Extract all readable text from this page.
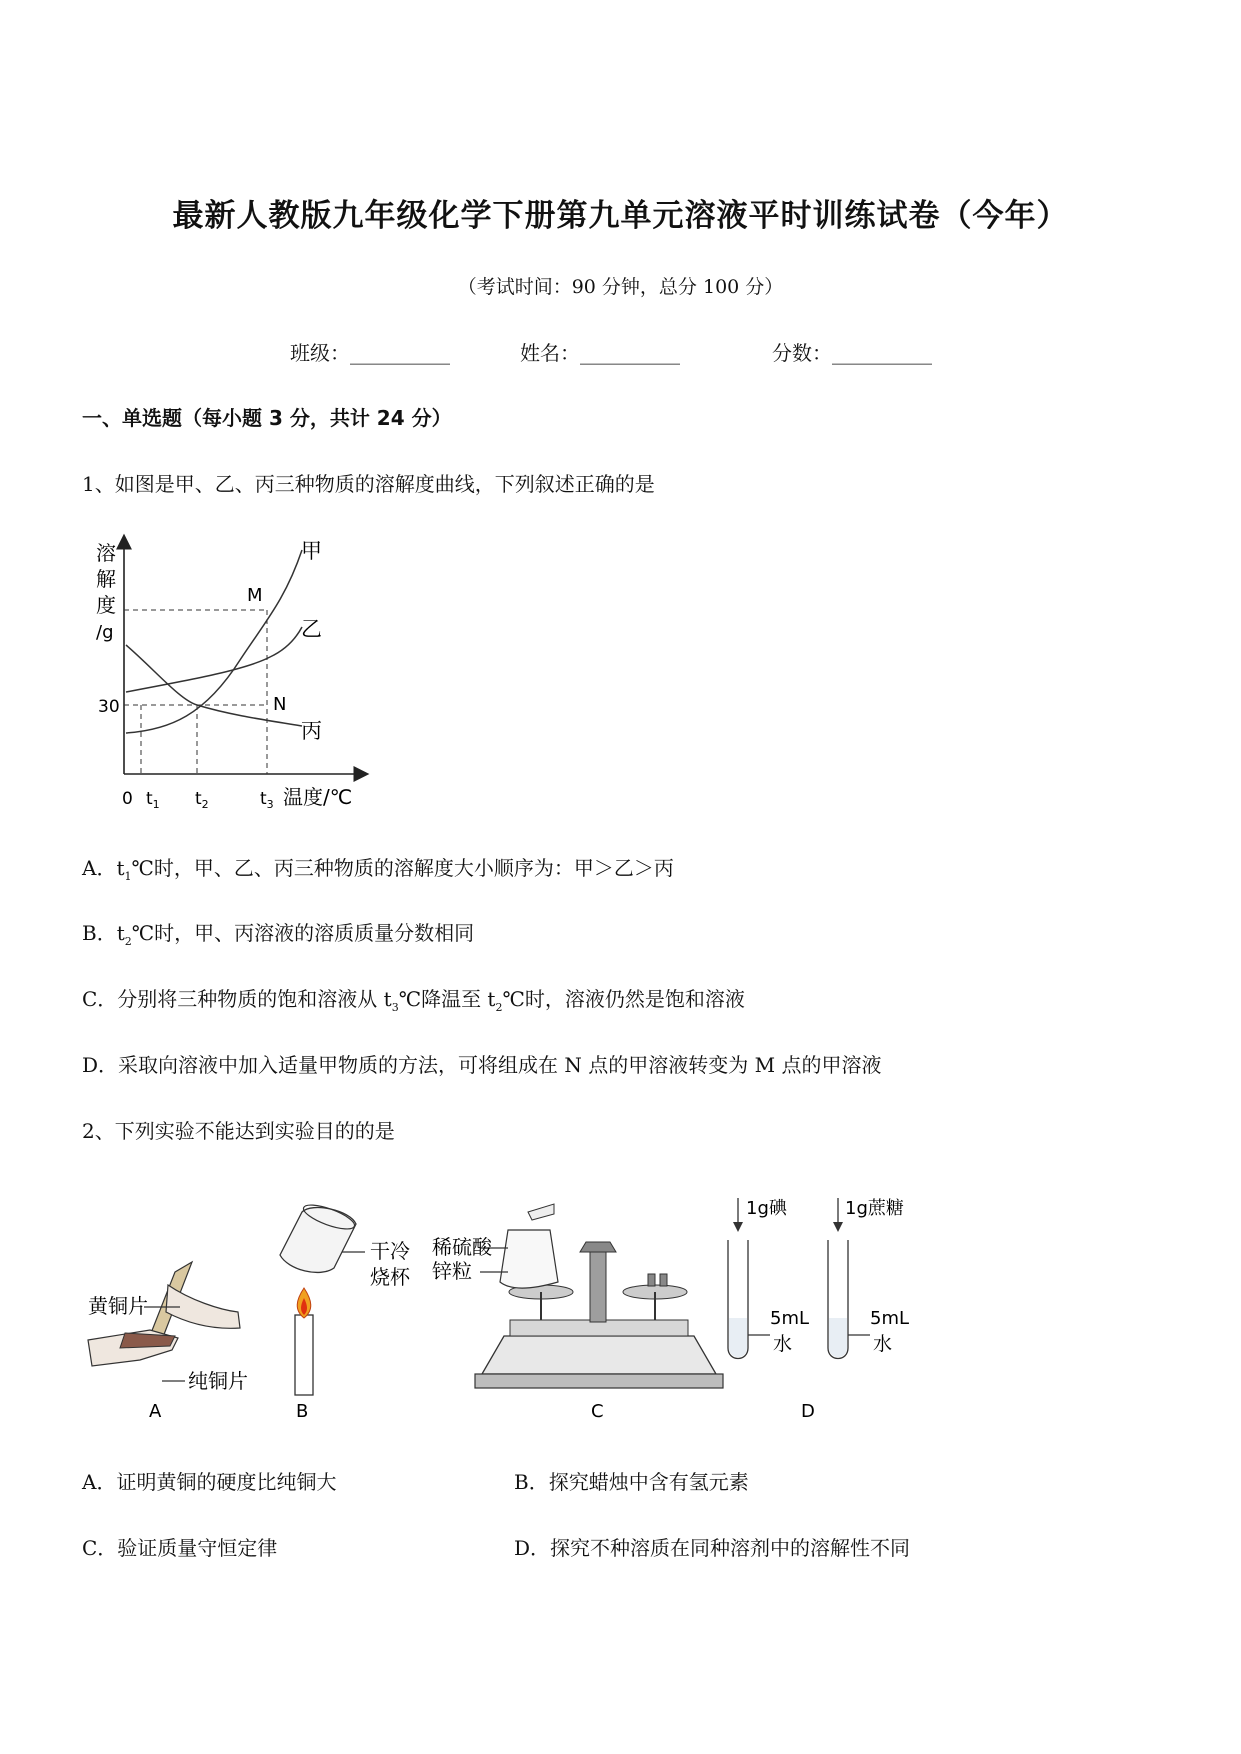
最新人教版九年级化学下册第九单元溶液平时训练试卷（今年）
（考试时间：90 分钟，总分 100 分）
班级：__________	姓名：__________	分数：__________
一、单选题（每小题 3 分，共计 24 分）
1、如图是甲、乙、丙三种物质的溶解度曲线，下列叙述正确的是
溶
解
度
/g
30
0 $t_1$ $t_2$	$t_3$ 温度/℃
M
N
甲
乙
丙
A．$t_1℃$时，甲、乙、丙三种物质的溶解度大小顺序为：甲＞乙＞丙
B．$t_2℃$时，甲、丙溶液的溶质质量分数相同
C．分别将三种物质的饱和溶液从 $t_3℃$降温至 $t_2℃$时，溶液仍然是饱和溶液
D．采取向溶液中加入适量甲物质的方法，可将组成在 N 点的甲溶液转变为 M 点的甲溶液
2、下列实验不能达到实验目的的是
黄铜片
纯铜片
A
干冷
烧杯
B
稀硫酸
锌粒
C
1g碘	1g蔗糖
5mL
水
5mL
水
D
A．证明黄铜的硬度比纯铜大	B．探究蜡烛中含有氢元素
C．验证质量守恒定律	D．探究不种溶质在同种溶剂中的溶解性不同
